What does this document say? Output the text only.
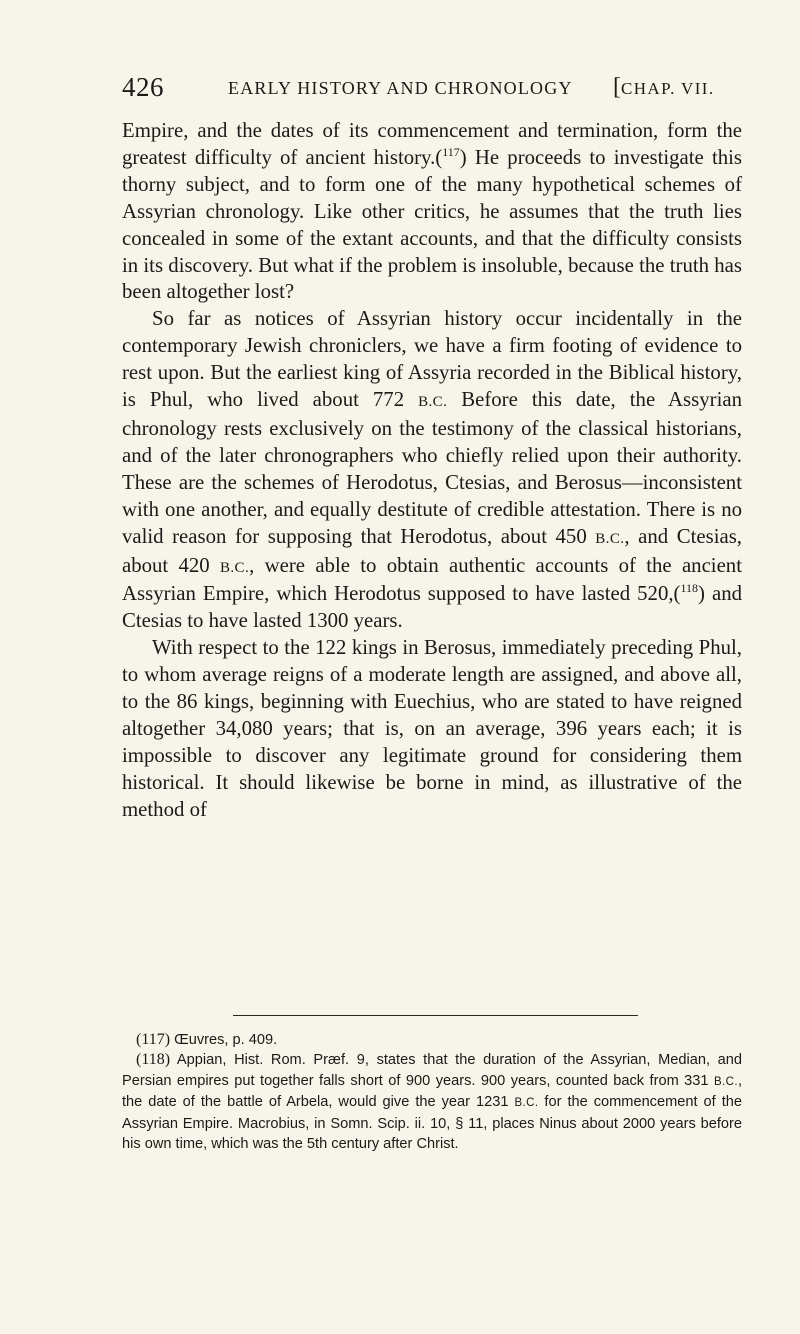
426	EARLY HISTORY AND CHRONOLOGY [CHAP. VII.

Empire, and the dates of its commencement and termination, form the greatest difficulty of ancient history.($^{117}$) He proceeds to investigate this thorny subject, and to form one of the many hypothetical schemes of Assyrian chronology. Like other critics, he assumes that the truth lies concealed in some of the extant accounts, and that the difficulty consists in its discovery. But what if the problem is insoluble, because the truth has been altogether lost?

So far as notices of Assyrian history occur incidentally in the contemporary Jewish chroniclers, we have a firm footing of evidence to rest upon. But the earliest king of Assyria recorded in the Biblical history, is Phul, who lived about 772 B.C. Before this date, the Assyrian chronology rests exclusively on the testimony of the classical historians, and of the later chronographers who chiefly relied upon their authority. These are the schemes of Herodotus, Ctesias, and Berosus—inconsistent with one another, and equally destitute of credible attestation. There is no valid reason for supposing that Herodotus, about 450 B.C., and Ctesias, about 420 B.C., were able to obtain authentic accounts of the ancient Assyrian Empire, which Herodotus supposed to have lasted 520,($^{118}$) and Ctesias to have lasted 1300 years.

With respect to the 122 kings in Berosus, immediately preceding Phul, to whom average reigns of a moderate length are assigned, and above all, to the 86 kings, beginning with Euechius, who are stated to have reigned altogether 34,080 years; that is, on an average, 396 years each; it is impossible to discover any legitimate ground for considering them historical. It should likewise be borne in mind, as illustrative of the method of

(117) Œuvres, p. 409.

(118) Appian, Hist. Rom. Præf. 9, states that the duration of the Assyrian, Median, and Persian empires put together falls short of 900 years. 900 years, counted back from 331 B.C., the date of the battle of Arbela, would give the year 1231 B.C. for the commencement of the Assyrian Empire. Macrobius, in Somn. Scip. ii. 10, § 11, places Ninus about 2000 years before his own time, which was the 5th century after Christ.
